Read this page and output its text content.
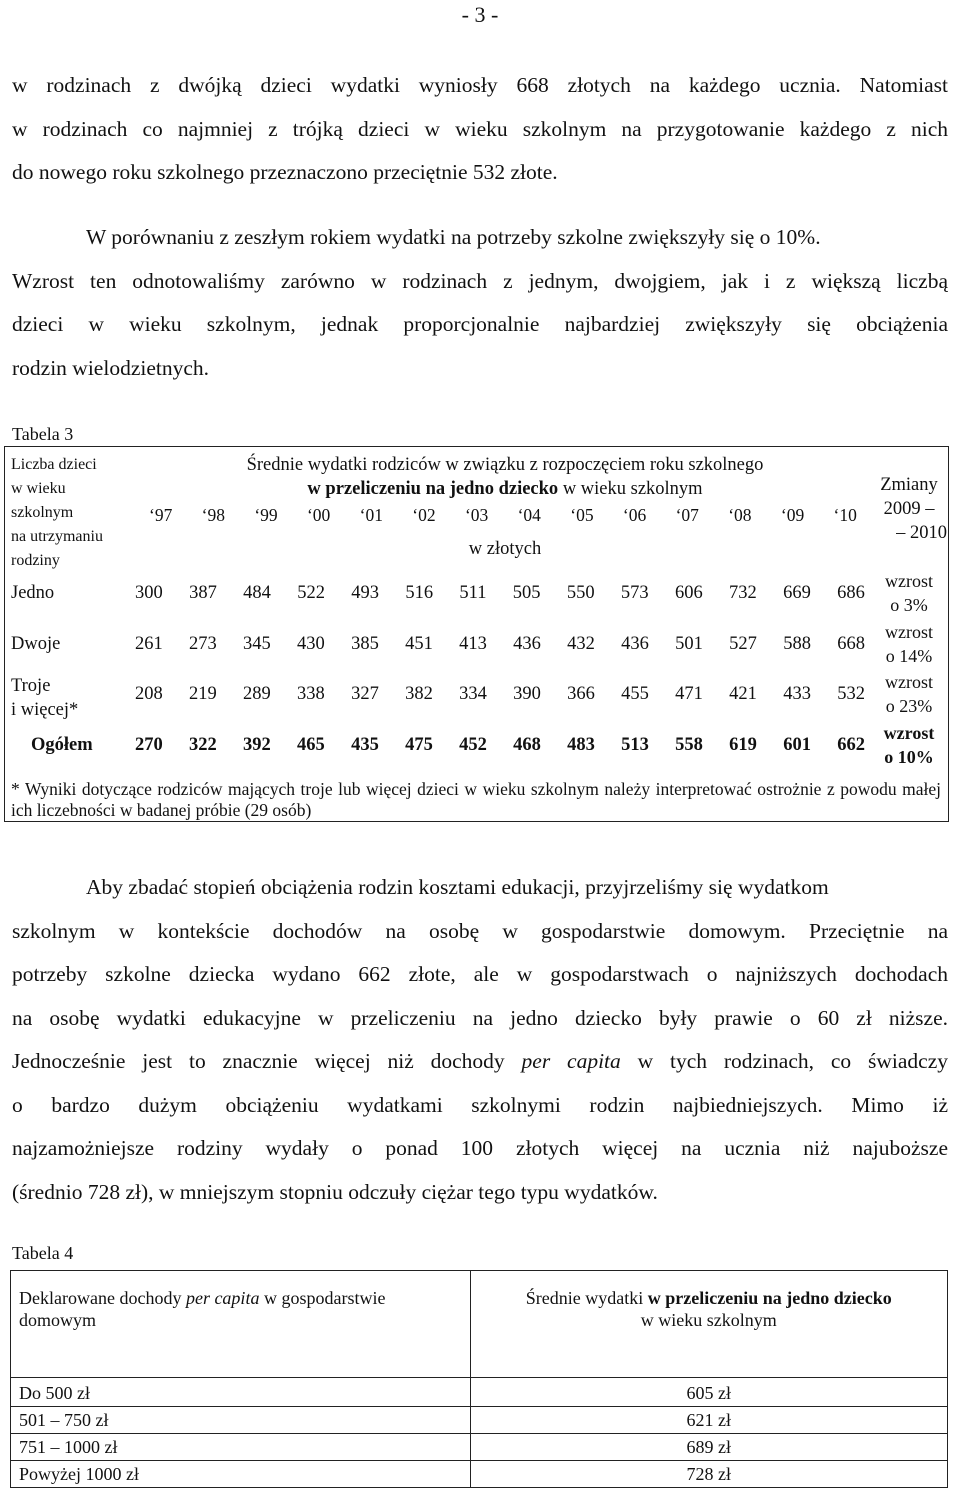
- 3 -
w rodzinach z dwójką dzieci wydatki wyniosły 668 złotych na każdego ucznia. Natomiast
w rodzinach co najmniej z trójką dzieci w wieku szkolnym na przygotowanie każdego z nich
do nowego roku szkolnego przeznaczono przeciętnie 532 złote.
W porównaniu z zeszłym rokiem wydatki na potrzeby szkolne zwiększyły się o 10%.
Wzrost ten odnotowaliśmy zarówno w rodzinach z jednym, dwojgiem, jak i z większą liczbą
dzieci w wieku szkolnym, jednak proporcjonalnie najbardziej zwiększyły się obciążenia
rodzin wielodzietnych.
Tabela 3
Liczba dzieci
w wieku
szkolnym
na utrzymaniu
rodziny
Średnie wydatki rodziców w związku z rozpoczęciem roku szkolnego
w przeliczeniu na jedno dziecko w wieku szkolnym
‘97 ‘98 ‘99 ‘00 ‘01 ‘02 ‘03 ‘04 ‘05 ‘06 ‘07 ‘08 ‘09 ‘10
w złotych
Zmiany
2009 –
– 2010
Jedno	300 387 484 522 493 516 511 505 550 573 606 732 669 686
wzrost
o 3%
Dwoje	261 273 345 430 385 451 413 436 432 436 501 527 588 668
wzrost
o 14%
Troje
i więcej*
208 219 289 338 327 382 334 390 366 455 471 421 433 532
wzrost
o 23%
Ogółem 270 322 392 465 435 475 452 468 483 513 558 619 601 662
wzrost
o 10%
* Wyniki dotyczące rodziców mających troje lub więcej dzieci w wieku szkolnym należy interpretować ostrożnie z powodu małej ich liczebności w badanej próbie (29 osób)
Aby zbadać stopień obciążenia rodzin kosztami edukacji, przyjrzeliśmy się wydatkom
szkolnym w kontekście dochodów na osobę w gospodarstwie domowym. Przeciętnie na
potrzeby szkolne dziecka wydano 662 złote, ale w gospodarstwach o najniższych dochodach
na osobę wydatki edukacyjne w przeliczeniu na jedno dziecko były prawie o 60 zł niższe.
Jednocześnie jest to znacznie więcej niż dochody per capita w tych rodzinach, co świadczy
o bardzo dużym obciążeniu wydatkami szkolnymi rodzin najbiedniejszych. Mimo iż
najzamożniejsze rodziny wydały o ponad 100 złotych więcej na ucznia niż najuboższe
(średnio 728 zł), w mniejszym stopniu odczuły ciężar tego typu wydatków.
Tabela 4
Deklarowane dochody per capita w gospodarstwie domowym	Średnie wydatki w przeliczeniu na jedno dziecko
w wieku szkolnym
Do 500 zł	605 zł
501 – 750 zł	621 zł
751 – 1000 zł	689 zł
Powyżej 1000 zł	728 zł
